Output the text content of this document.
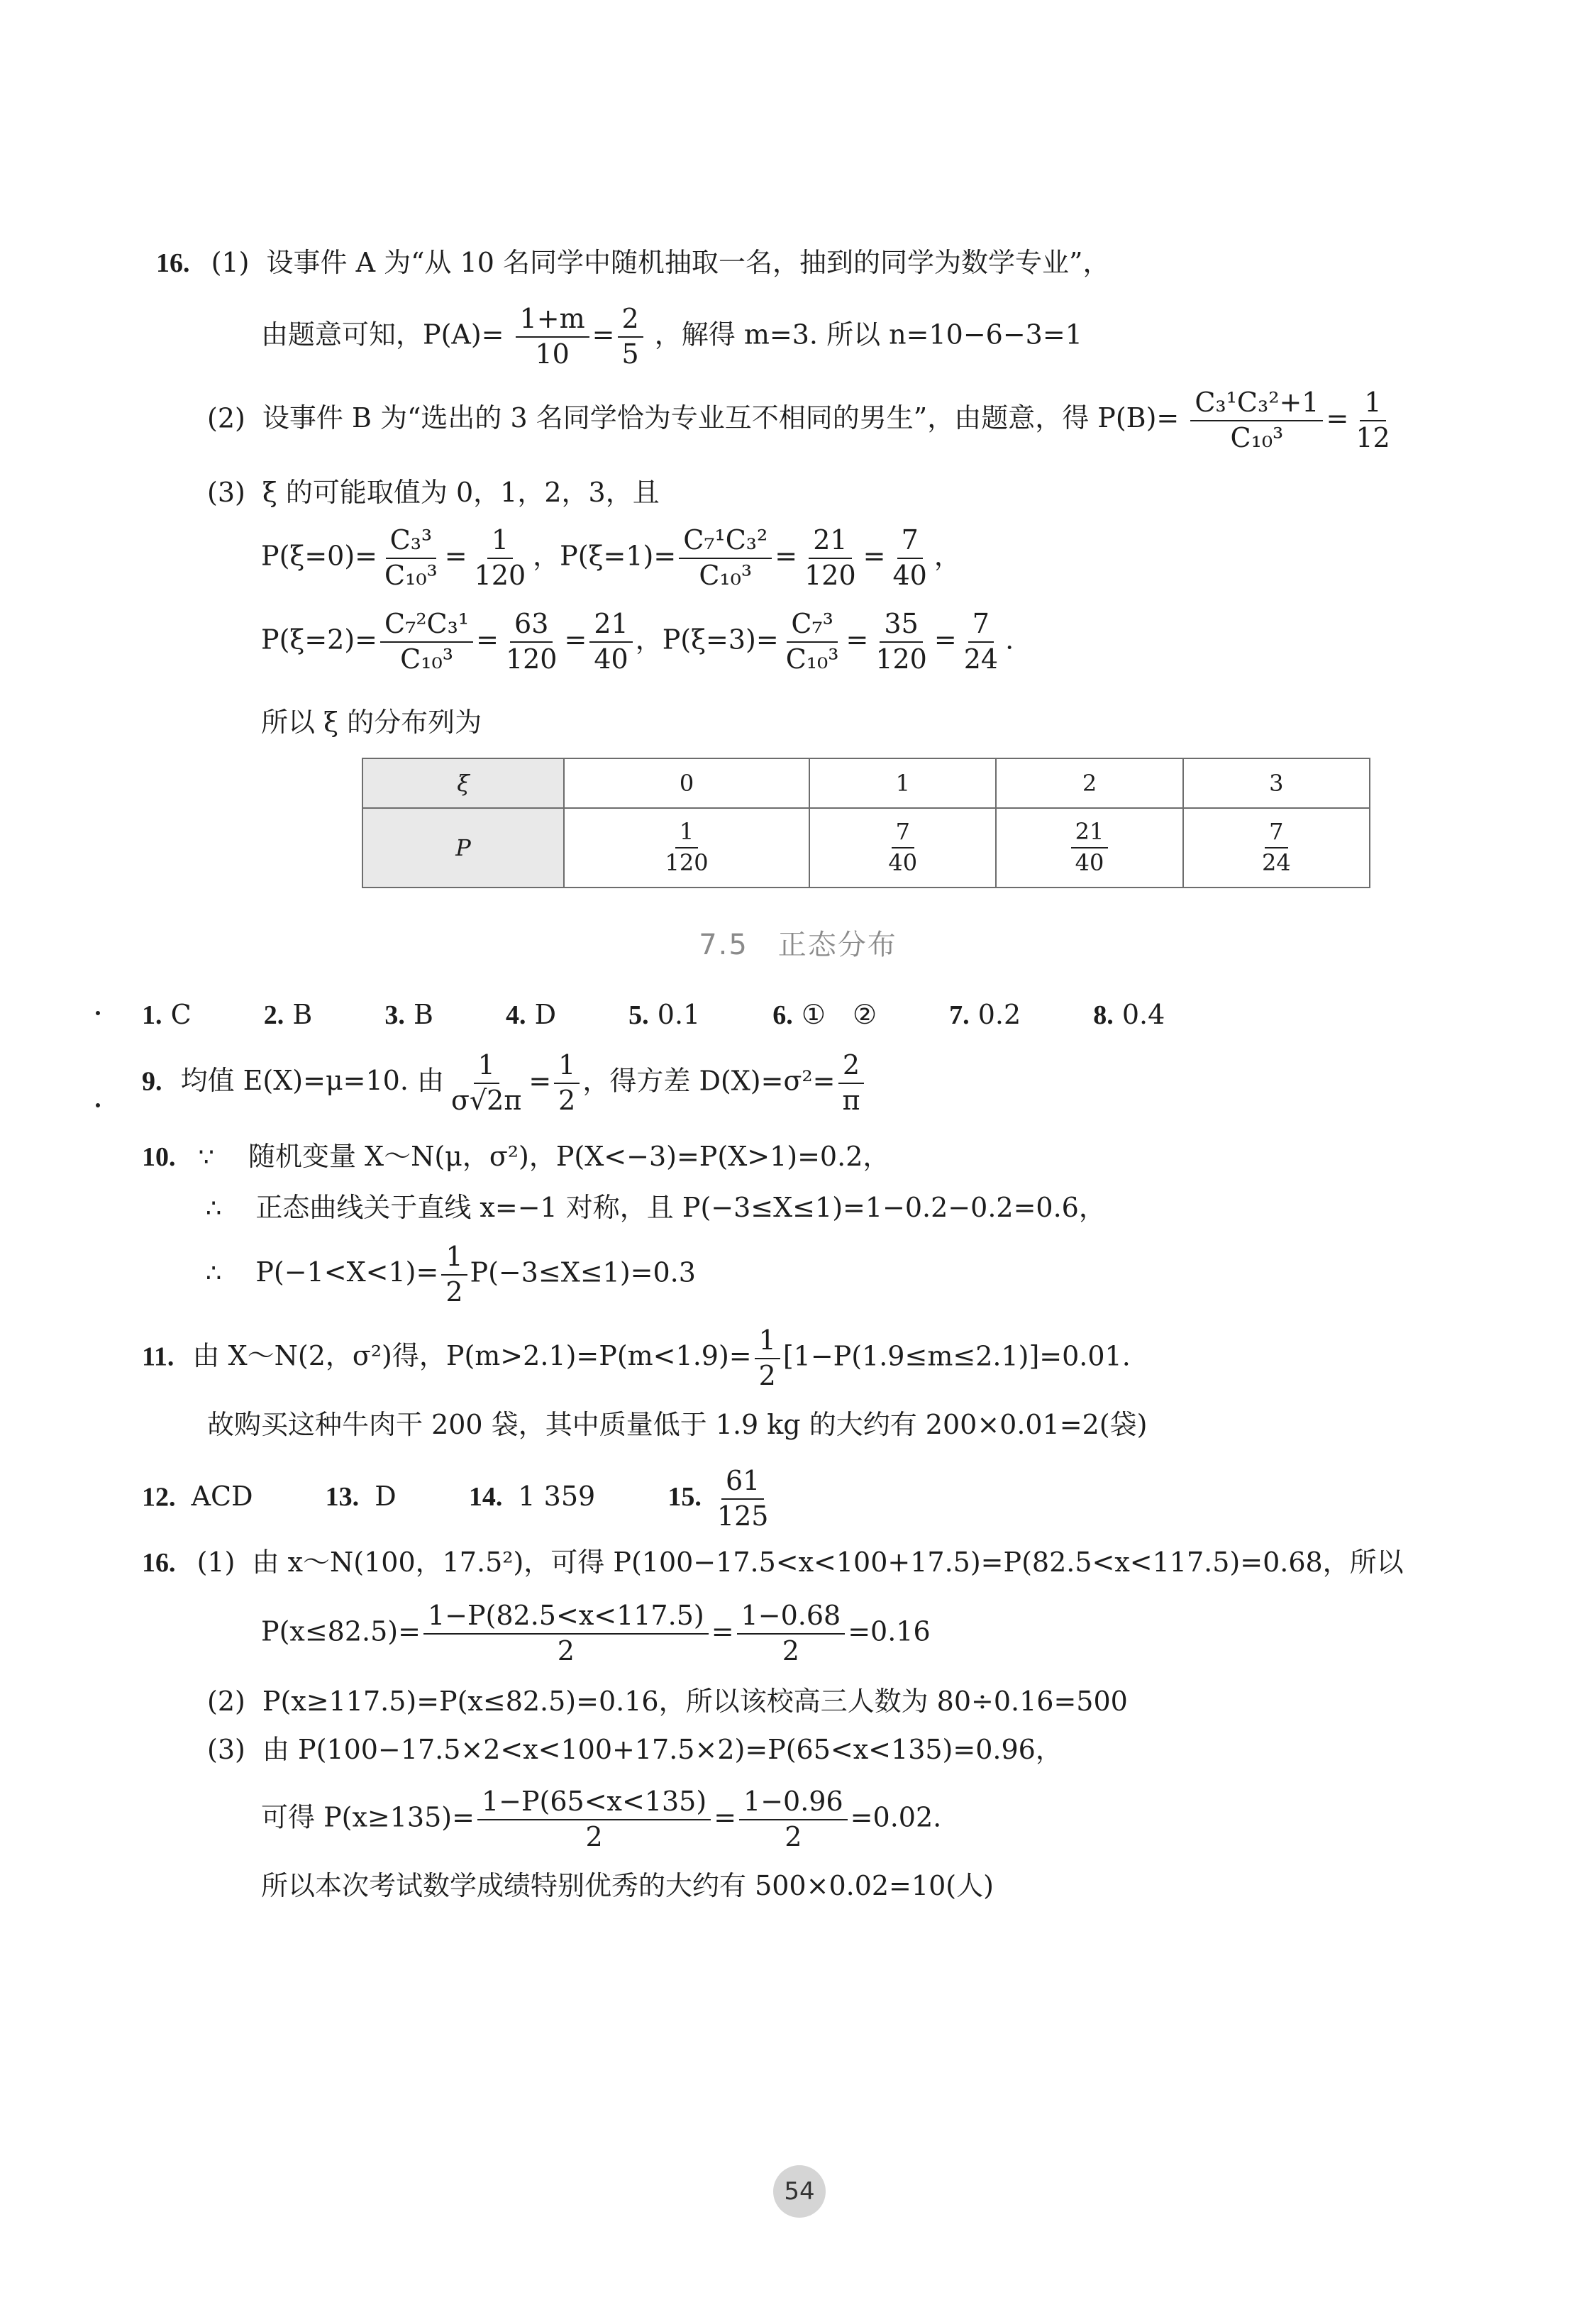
16. (1) 设事件 A 为“从 10 名同学中随机抽取一名，抽到的同学为数学专业”，
由题意可知，$P(A)= \frac{1+m}{10} = \frac{2}{5}$ ，解得 m=3. 所以 n=10−6−3=1
(2) 设事件 B 为“选出的 3 名同学恰为专业互不相同的男生”，由题意，得 $P(B)= \frac{\text{C₃¹C₃²+1}}{\text{C₁₀³}} = \frac{1}{12}$
(3) ξ 的可能取值为 0，1，2，3，且
$P(\xi=0)= \frac{\text{C₃³}}{\text{C₁₀³}} = \frac{1}{120}$ ，$P(\xi=1)= \frac{\text{C₇¹C₃²}}{\text{C₁₀³}} = \frac{21}{120} = \frac{7}{40}$ ，
$P(\xi=2)= \frac{\text{C₇²C₃¹}}{\text{C₁₀³}} = \frac{63}{120} = \frac{21}{40}$ ，$P(\xi=3)= \frac{\text{C₇³}}{\text{C₁₀³}} = \frac{35}{120} = \frac{7}{24}$ .
所以 ξ 的分布列为
ξ	0	1	2	3
P	$\frac{1}{120}$	$\frac{7}{40}$	$\frac{21}{40}$	$\frac{7}{24}$
7.5　正态分布
1. C	2. B	3. B	4. D	5. 0.1	6. ①　②	7. 0.2	8. 0.4
9. 均值 E(X)=μ=10. 由 $\frac{1}{\sigma√2\pi} = \frac{1}{2}$ ，得方差 $D(X)=\sigma^2= \frac{2}{\pi}$
10. ∵ 随机变量 X～N(μ，σ²)，P(X<−3)=P(X>1)=0.2，
∴ 正态曲线关于直线 x=−1 对称，且 P(−3≤X≤1)=1−0.2−0.2=0.6，
∴ $P(-1<X<1)= \frac{1}{2} P(-3\le X\le 1)=0.3$
11. 由 X～N(2，σ²)得，$P(m>2.1)=P(m<1.9)= \frac{1}{2} [1-P(1.9\le m\le 2.1)]=0.01$.
故购买这种牛肉干 200 袋，其中质量低于 1.9 kg 的大约有 200×0.01=2(袋)
12. ACD	13. D	14. 1 359	15. $\frac{61}{125}$
16. (1) 由 x～N(100，17.5²)，可得 P(100−17.5<x<100+17.5)=P(82.5<x<117.5)=0.68，所以
$P(x\le 82.5)= \frac{1-P(82.5<x<117.5)}{2} = \frac{1-0.68}{2} =0.16$
(2) P(x≥117.5)=P(x≤82.5)=0.16，所以该校高三人数为 80÷0.16=500
(3) 由 P(100−17.5×2<x<100+17.5×2)=P(65<x<135)=0.96，
可得 $P(x\ge 135)= \frac{1-P(65<x<135)}{2} = \frac{1-0.96}{2} =0.02$.
所以本次考试数学成绩特别优秀的大约有 500×0.02=10(人)
54
